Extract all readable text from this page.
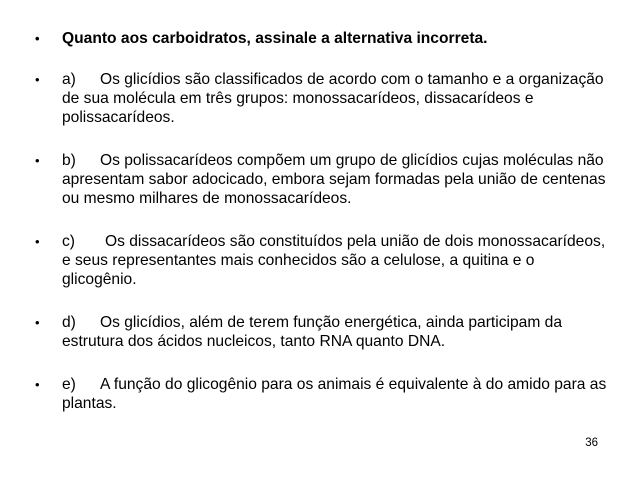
•	Quanto aos carboidratos, assinale a alternativa incorreta.
•	a) Os glicídios são classificados de acordo com o tamanho e a organização de sua molécula em três grupos: monossacarídeos, dissacarídeos e polissacarídeos.
•	b) Os polissacarídeos compõem um grupo de glicídios cujas moléculas não apresentam sabor adocicado, embora sejam formadas pela união de centenas ou mesmo milhares de monossacarídeos.
•	c) Os dissacarídeos são constituídos pela união de dois monossacarídeos, e seus representantes mais conhecidos são a celulose, a quitina e o glicogênio.
•	d) Os glicídios, além de terem função energética, ainda participam da estrutura dos ácidos nucleicos, tanto RNA quanto DNA.
•	e) A função do glicogênio para os animais é equivalente à do amido para as plantas.
36
